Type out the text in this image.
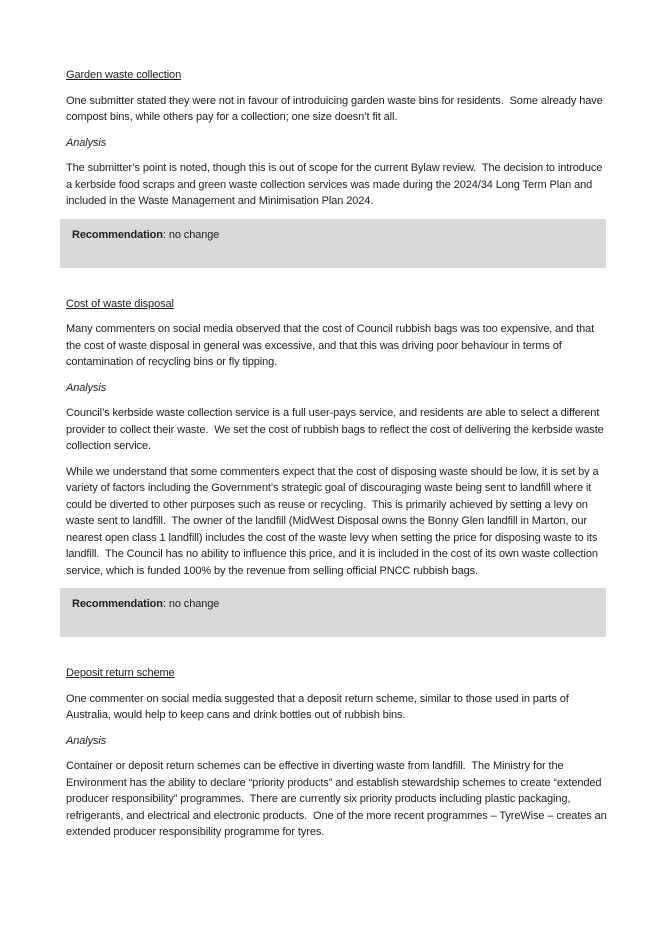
Garden waste collection

One submitter stated they were not in favour of introduicing garden waste bins for residents.  Some already have compost bins, while others pay for a collection; one size doesn’t fit all.

Analysis

The submitter’s point is noted, though this is out of scope for the current Bylaw review.  The decision to introduce a kerbside food scraps and green waste collection services was made during the 2024/34 Long Term Plan and included in the Waste Management and Minimisation Plan 2024.

Recommendation: no change

Cost of waste disposal

Many commenters on social media observed that the cost of Council rubbish bags was too expensive, and that the cost of waste disposal in general was excessive, and that this was driving poor behaviour in terms of contamination of recycling bins or fly tipping.

Analysis

Council’s kerbside waste collection service is a full user-pays service, and residents are able to select a different provider to collect their waste.  We set the cost of rubbish bags to reflect the cost of delivering the kerbside waste collection service.

While we understand that some commenters expect that the cost of disposing waste should be low, it is set by a variety of factors including the Government’s strategic goal of discouraging waste being sent to landfill where it could be diverted to other purposes such as reuse or recycling.  This is primarily achieved by setting a levy on waste sent to landfill.  The owner of the landfill (MidWest Disposal owns the Bonny Glen landfill in Marton, our nearest open class 1 landfill) includes the cost of the waste levy when setting the price for disposing waste to its landfill.  The Council has no ability to influence this price, and it is included in the cost of its own waste collection service, which is funded 100% by the revenue from selling official PNCC rubbish bags.

Recommendation: no change

Deposit return scheme

One commenter on social media suggested that a deposit return scheme, similar to those used in parts of Australia, would help to keep cans and drink bottles out of rubbish bins.

Analysis

Container or deposit return schemes can be effective in diverting waste from landfill.  The Ministry for the Environment has the ability to declare “priority products” and establish stewardship schemes to create “extended producer responsibility” programmes.  There are currently six priority products including plastic packaging, refrigerants, and electrical and electronic products.  One of the more recent programmes – TyreWise – creates an extended producer responsibility programme for tyres.
